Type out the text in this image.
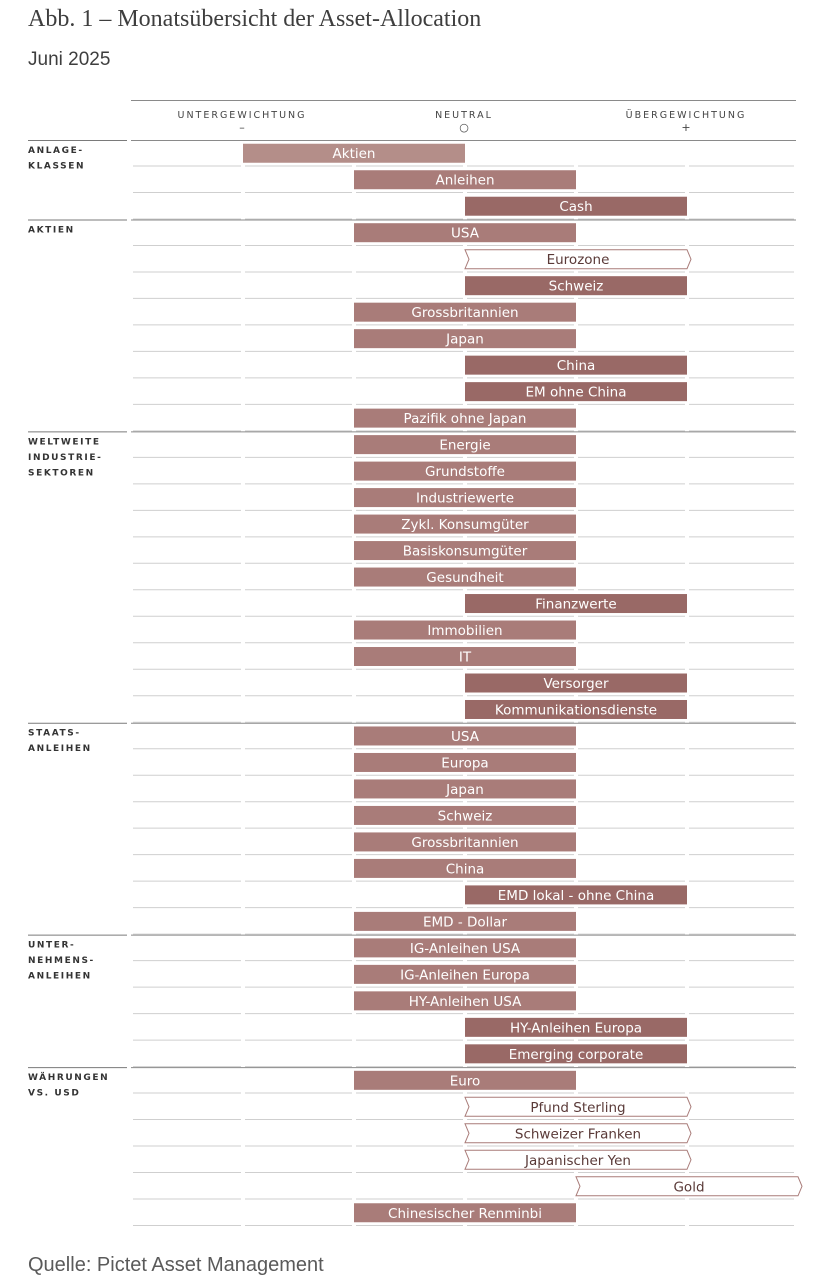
Abb. 1 – Monatsübersicht der Asset-Allocation
Juni 2025
UNTERGEWICHTUNG
–
NEUTRAL
○
ÜBERGEWICHTUNG
+
ANLAGE-
KLASSEN
Aktien
Anleihen
Cash
AKTIEN	USA
Eurozone
Schweiz
Grossbritannien
Japan
China
EM ohne China
Pazifik ohne Japan
WELTWEITE
INDUSTRIE-
SEKTOREN
Energie
Grundstoffe
Industriewerte
Zykl. Konsumgüter
Basiskonsumgüter
Gesundheit
Finanzwerte
Immobilien
IT
Versorger
Kommunikationsdienste
STAATS-
ANLEIHEN
USA
Europa
Japan
Schweiz
Grossbritannien
China
EMD lokal - ohne China
EMD - Dollar
UNTER-
NEHMENS-
ANLEIHEN
IG-Anleihen USA
IG-Anleihen Europa
HY-Anleihen USA
HY-Anleihen Europa
Emerging corporate
WÄHRUNGEN
VS. USD
Euro
Pfund Sterling
Schweizer Franken
Japanischer Yen
Gold
Chinesischer Renminbi
Quelle: Pictet Asset Management
